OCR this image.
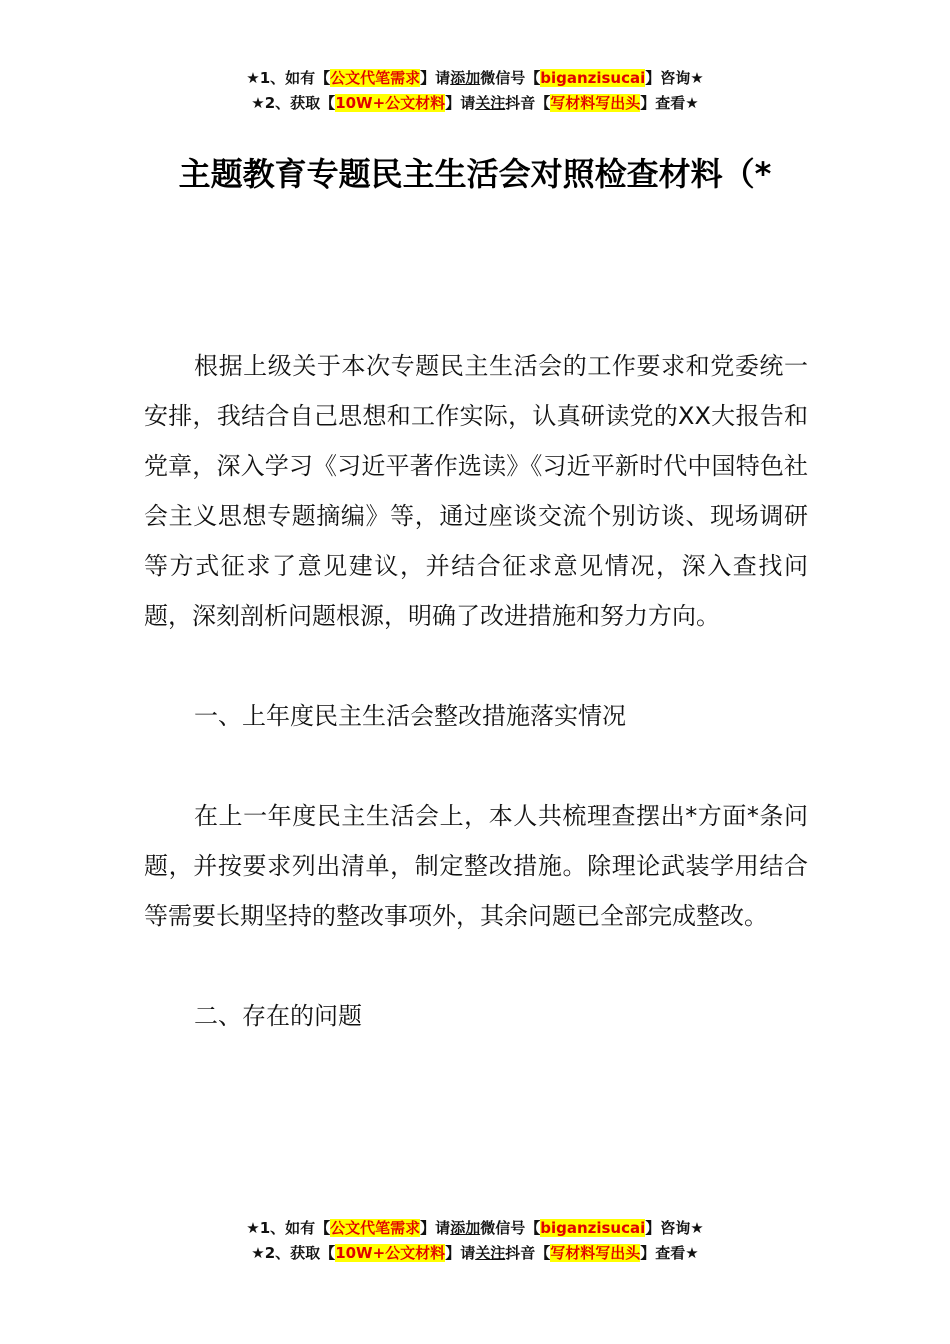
★1、如有【公文代笔需求】请添加微信号【biganzisucai】咨询★
★2、获取【10W+公文材料】请关注抖音【写材料写出头】查看★
主题教育专题民主生活会对照检查材料（*

根据上级关于本次专题民主生活会的工作要求和党委统一安排，我结合自己思想和工作实际，认真研读党的XX大报告和党章，深入学习《习近平著作选读》《习近平新时代中国特色社会主义思想专题摘编》等，通过座谈交流个别访谈、现场调研等方式征求了意见建议，并结合征求意见情况，深入查找问题，深刻剖析问题根源，明确了改进措施和努力方向。

一、上年度民主生活会整改措施落实情况

在上一年度民主生活会上，本人共梳理查摆出*方面*条问题，并按要求列出清单，制定整改措施。除理论武装学用结合等需要长期坚持的整改事项外，其余问题已全部完成整改。

二、存在的问题
★1、如有【公文代笔需求】请添加微信号【biganzisucai】咨询★
★2、获取【10W+公文材料】请关注抖音【写材料写出头】查看★
